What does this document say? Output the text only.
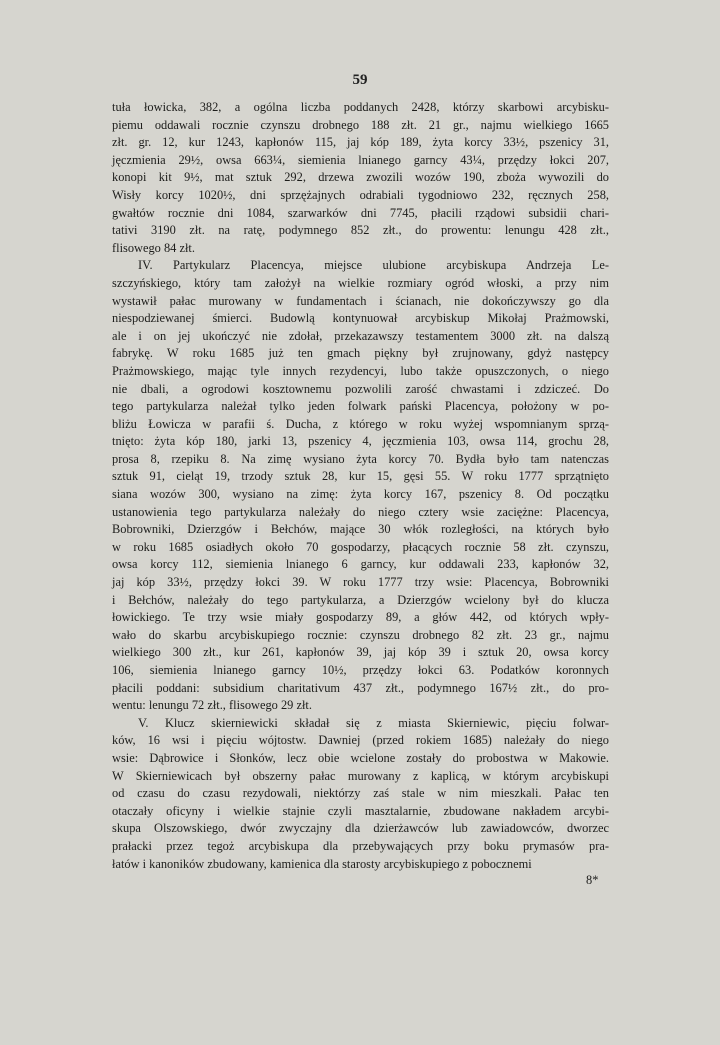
59
tuła łowicka, 382, a ogólna liczba poddanych 2428, którzy skarbowi arcybisku-
piemu oddawali rocznie czynszu drobnego 188 złt. 21 gr., najmu wielkiego 1665
złt. gr. 12, kur 1243, kapłonów 115, jaj kóp 189, żyta korcy 33½, pszenicy 31,
jęczmienia 29½, owsa 663¼, siemienia lnianego garncy 43¼, przędzy łokci 207,
konopi kit 9½, mat sztuk 292, drzewa zwozili wozów 190, zboża wywozili do
Wisły korcy 1020½, dni sprzężajnych odrabiali tygodniowo 232, ręcznych 258,
gwałtów rocznie dni 1084, szarwarków dni 7745, płacili rządowi subsidii chari-
tativi 3190 złt. na ratę, podymnego 852 złt., do prowentu: lenungu 428 złt.,
flisowego 84 złt.
IV. Partykularz Placencya, miejsce ulubione arcybiskupa Andrzeja Le-
szczyńskiego, który tam założył na wielkie rozmiary ogród włoski, a przy nim
wystawił pałac murowany w fundamentach i ścianach, nie dokończywszy go dla
niespodziewanej śmierci. Budowlą kontynuował arcybiskup Mikołaj Prażmowski,
ale i on jej ukończyć nie zdołał, przekazawszy testamentem 3000 złt. na dalszą
fabrykę. W roku 1685 już ten gmach piękny był zrujnowany, gdyż następcy
Prażmowskiego, mając tyle innych rezydencyi, lubo także opuszczonych, o niego
nie dbali, a ogrodowi kosztownemu pozwolili zarość chwastami i zdziczeć. Do
tego partykularza należał tylko jeden folwark pański Placencya, położony w po-
bliżu Łowicza w parafii ś. Ducha, z którego w roku wyżej wspomnianym sprzą-
tnięto: żyta kóp 180, jarki 13, pszenicy 4, jęczmienia 103, owsa 114, grochu 28,
prosa 8, rzepiku 8. Na zimę wysiano żyta korcy 70. Bydła było tam natenczas
sztuk 91, cieląt 19, trzody sztuk 28, kur 15, gęsi 55. W roku 1777 sprzątnięto
siana wozów 300, wysiano na zimę: żyta korcy 167, pszenicy 8. Od początku
ustanowienia tego partykularza należały do niego cztery wsie zaciężne: Placencya,
Bobrowniki, Dzierzgów i Bełchów, mające 30 włók rozległości, na których było
w roku 1685 osiadłych około 70 gospodarzy, płacących rocznie 58 złt. czynszu,
owsa korcy 112, siemienia lnianego 6 garncy, kur oddawali 233, kapłonów 32,
jaj kóp 33½, przędzy łokci 39. W roku 1777 trzy wsie: Placencya, Bobrowniki
i Bełchów, należały do tego partykularza, a Dzierzgów wcielony był do klucza
łowickiego. Te trzy wsie miały gospodarzy 89, a głów 442, od których wpły-
wało do skarbu arcybiskupiego rocznie: czynszu drobnego 82 złt. 23 gr., najmu
wielkiego 300 złt., kur 261, kapłonów 39, jaj kóp 39 i sztuk 20, owsa korcy
106, siemienia lnianego garncy 10½, przędzy łokci 63. Podatków koronnych
płacili poddani: subsidium charitativum 437 złt., podymnego 167½ złt., do pro-
wentu: lenungu 72 złt., flisowego 29 złt.
V. Klucz skierniewicki składał się z miasta Skierniewic, pięciu folwar-
ków, 16 wsi i pięciu wójtostw. Dawniej (przed rokiem 1685) należały do niego
wsie: Dąbrowice i Słonków, lecz obie wcielone zostały do probostwa w Makowie.
W Skierniewicach był obszerny pałac murowany z kaplicą, w którym arcybiskupi
od czasu do czasu rezydowali, niektórzy zaś stale w nim mieszkali. Pałac ten
otaczały oficyny i wielkie stajnie czyli masztalarnie, zbudowane nakładem arcybi-
skupa Olszowskiego, dwór zwyczajny dla dzierżawców lub zawiadowców, dworzec
prałacki przez tegoż arcybiskupa dla przebywających przy boku prymasów pra-
łatów i kanoników zbudowany, kamienica dla starosty arcybiskupiego z pobocznemi
8*
